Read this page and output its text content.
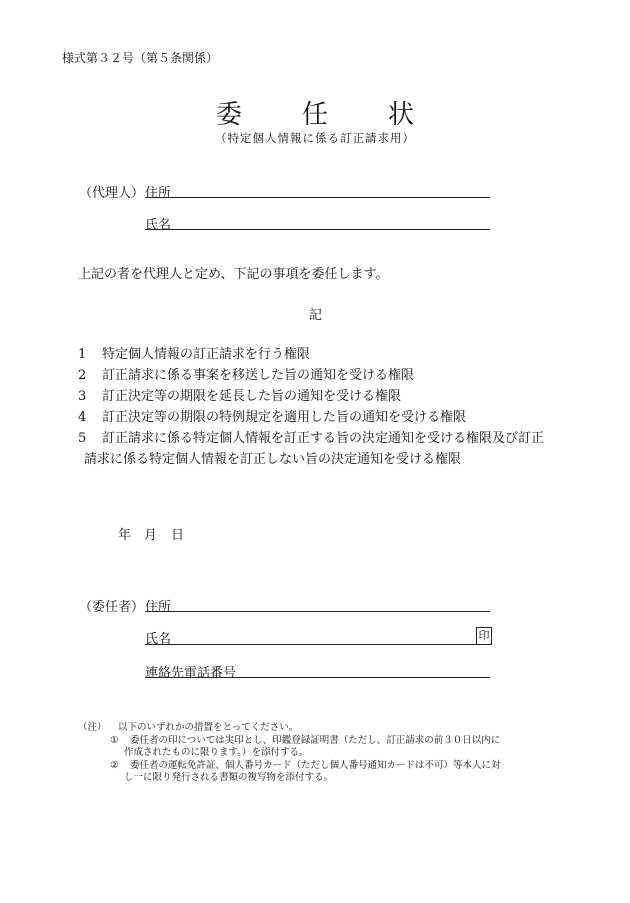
様式第３２号（第５条関係）
委 任 状
（特定個人情報に係る訂正請求用）
（代理人） 住所
氏名
上記の者を代理人と定め、下記の事項を委任します。
記
1	特定個人情報の訂正請求を行う権限
2	訂正請求に係る事案を移送した旨の通知を受ける権限
3	訂正決定等の期限を延長した旨の通知を受ける権限
4	訂正決定等の期限の特例規定を適用した旨の通知を受ける権限
5	訂正請求に係る特定個人情報を訂正する旨の決定通知を受ける権限及び訂正
請求に係る特定個人情報を訂正しない旨の決定通知を受ける権限
年 月 日
（委任者） 住所
氏名	印
連絡先電話番号
（注）	以下のいずれかの措置をとってください。
①	委任者の印については実印とし、印鑑登録証明書（ただし、訂正請求の前３０日以内に
作成されたものに限ります。）を添付する。
②	委任者の運転免許証、個人番号カード（ただし個人番号通知カードは不可）等本人に対
し一に限り発行される書類の複写物を添付する。
